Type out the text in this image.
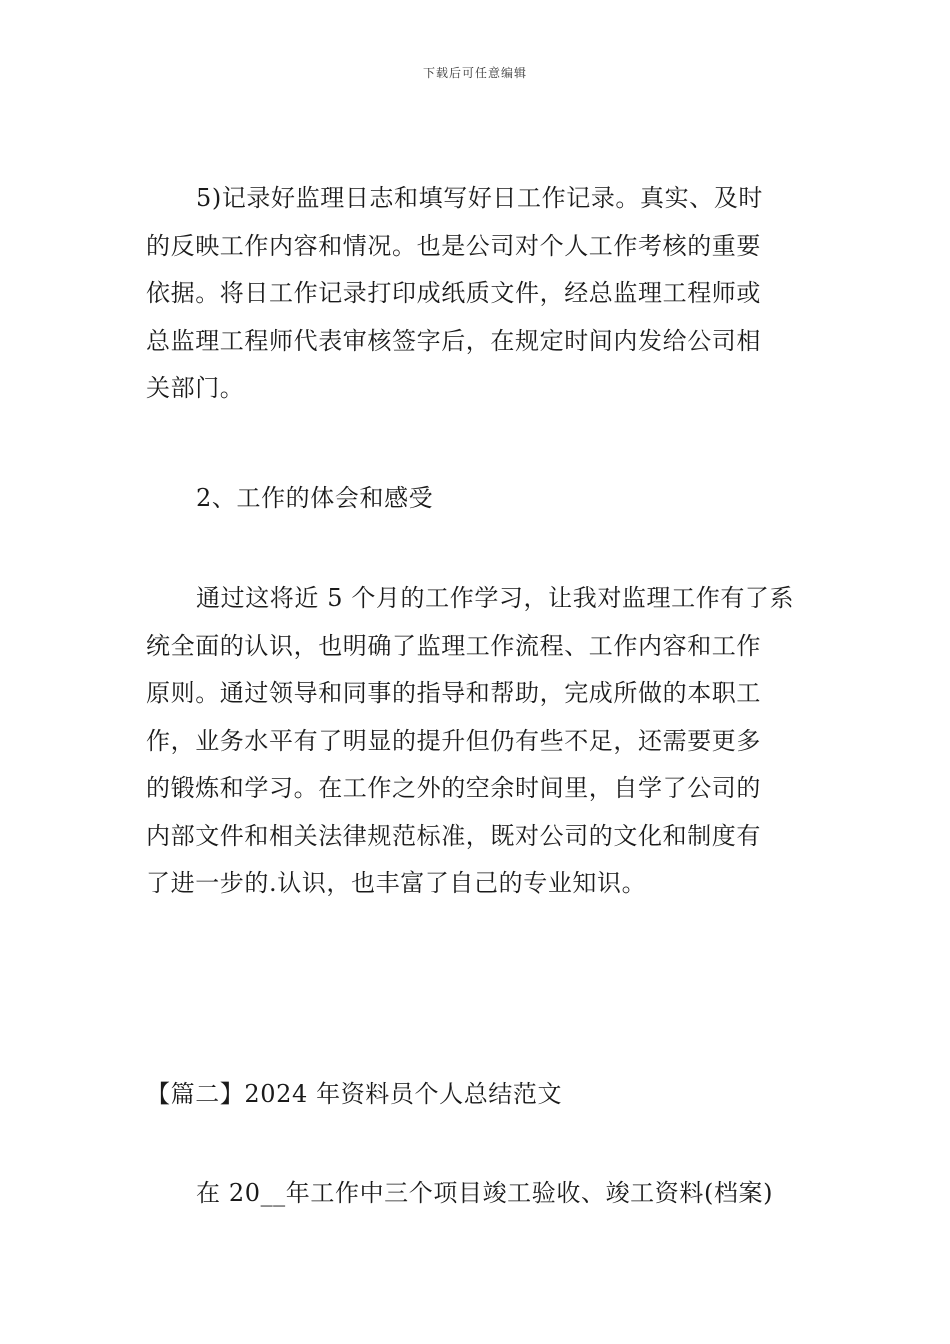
下载后可任意编辑
5)记录好监理日志和填写好日工作记录。真实、及时
的反映工作内容和情况。也是公司对个人工作考核的重要
依据。将日工作记录打印成纸质文件，经总监理工程师或
总监理工程师代表审核签字后，在规定时间内发给公司相
关部门。
2、工作的体会和感受
通过这将近 5 个月的工作学习，让我对监理工作有了系
统全面的认识，也明确了监理工作流程、工作内容和工作
原则。通过领导和同事的指导和帮助，完成所做的本职工
作，业务水平有了明显的提升但仍有些不足，还需要更多
的锻炼和学习。在工作之外的空余时间里，自学了公司的
内部文件和相关法律规范标准，既对公司的文化和制度有
了进一步的.认识，也丰富了自己的专业知识。
【篇二】2024 年资料员个人总结范文
在 20__年工作中三个项目竣工验收、竣工资料(档案)
